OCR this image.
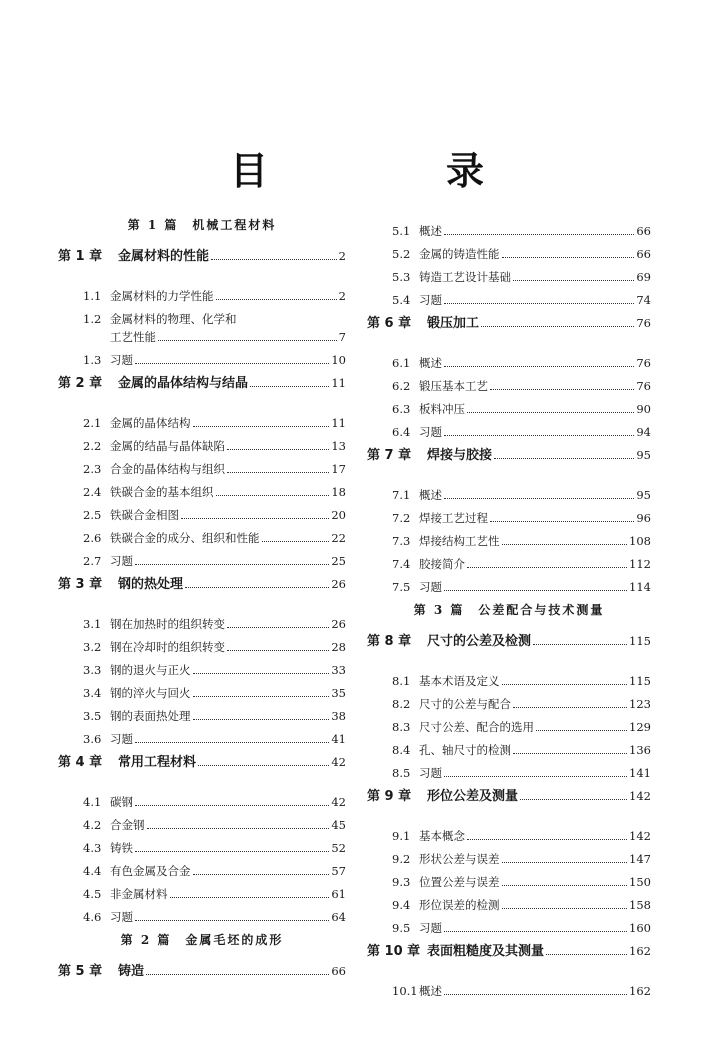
目　录
第 1 篇　机械工程材料
第 1 章	金属材料的性能	2
1.1 金属材料的力学性能	2
1.2 金属材料的物理、化学和
工艺性能	7
1.3 习题	10
第 2 章	金属的晶体结构与结晶	11
2.1 金属的晶体结构	11
2.2 金属的结晶与晶体缺陷	13
2.3 合金的晶体结构与组织	17
2.4 铁碳合金的基本组织	18
2.5 铁碳合金相图	20
2.6 铁碳合金的成分、组织和性能	22
2.7 习题	25
第 3 章	钢的热处理	26
3.1 钢在加热时的组织转变	26
3.2 钢在冷却时的组织转变	28
3.3 钢的退火与正火	33
3.4 钢的淬火与回火	35
3.5 钢的表面热处理	38
3.6 习题	41
第 4 章	常用工程材料	42
4.1 碳钢	42
4.2 合金钢	45
4.3 铸铁	52
4.4 有色金属及合金	57
4.5 非金属材料	61
4.6 习题	64
第 2 篇　金属毛坯的成形
第 5 章	铸造	66
5.1 概述	66
5.2 金属的铸造性能	66
5.3 铸造工艺设计基础	69
5.4 习题	74
第 6 章	锻压加工	76
6.1 概述	76
6.2 锻压基本工艺	76
6.3 板料冲压	90
6.4 习题	94
第 7 章	焊接与胶接	95
7.1 概述	95
7.2 焊接工艺过程	96
7.3 焊接结构工艺性	108
7.4 胶接简介	112
7.5 习题	114
第 3 篇　公差配合与技术测量
第 8 章	尺寸的公差及检测	115
8.1 基本术语及定义	115
8.2 尺寸的公差与配合	123
8.3 尺寸公差、配合的选用	129
8.4 孔、轴尺寸的检测	136
8.5 习题	141
第 9 章	形位公差及测量	142
9.1 基本概念	142
9.2 形状公差与误差	147
9.3 位置公差与误差	150
9.4 形位误差的检测	158
9.5 习题	160
第 10 章 表面粗糙度及其测量	162
10.1 概述	162
